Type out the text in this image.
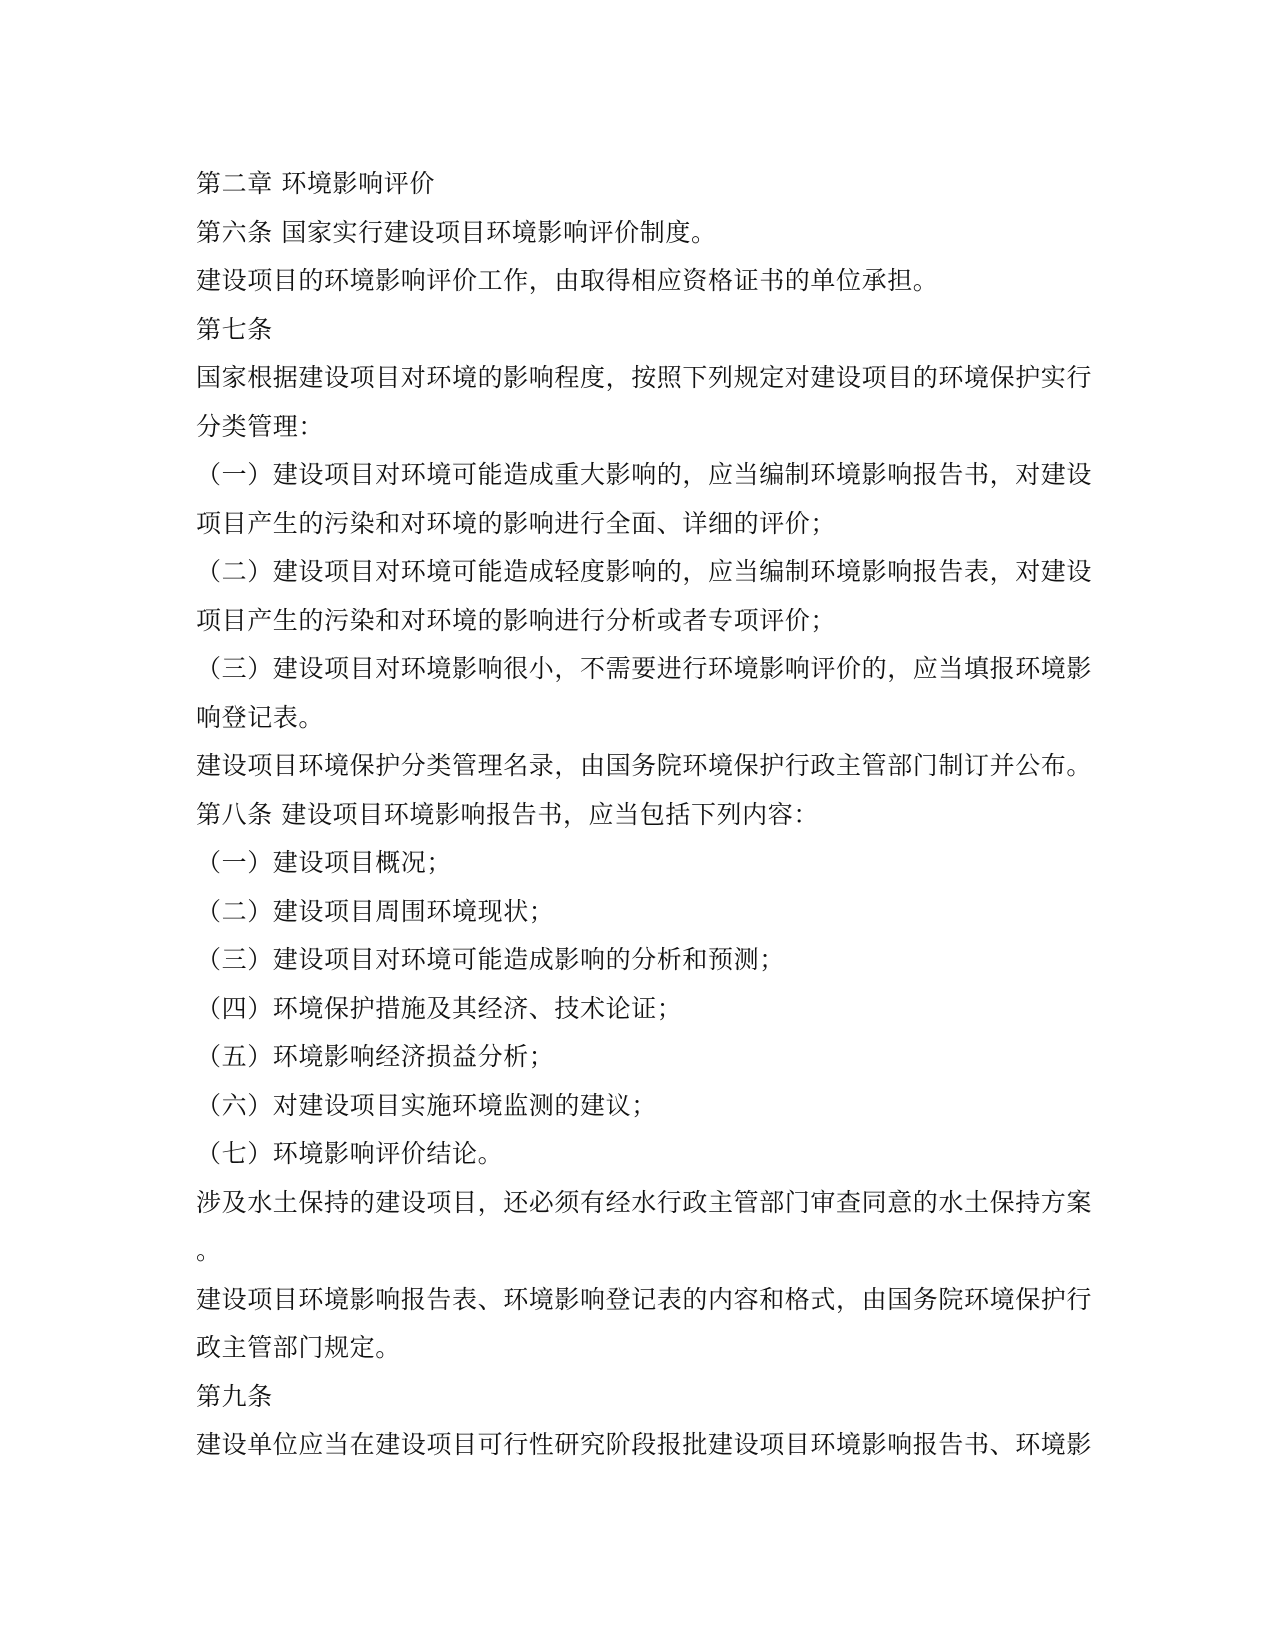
第二章 环境影响评价
第六条 国家实行建设项目环境影响评价制度。
建设项目的环境影响评价工作，由取得相应资格证书的单位承担。
第七条
国家根据建设项目对环境的影响程度，按照下列规定对建设项目的环境保护实行
分类管理：
（一）建设项目对环境可能造成重大影响的，应当编制环境影响报告书，对建设
项目产生的污染和对环境的影响进行全面、详细的评价；
（二）建设项目对环境可能造成轻度影响的，应当编制环境影响报告表，对建设
项目产生的污染和对环境的影响进行分析或者专项评价；
（三）建设项目对环境影响很小，不需要进行环境影响评价的，应当填报环境影
响登记表。
建设项目环境保护分类管理名录，由国务院环境保护行政主管部门制订并公布。
第八条 建设项目环境影响报告书，应当包括下列内容：
（一）建设项目概况；
（二）建设项目周围环境现状；
（三）建设项目对环境可能造成影响的分析和预测；
（四）环境保护措施及其经济、技术论证；
（五）环境影响经济损益分析；
（六）对建设项目实施环境监测的建议；
（七）环境影响评价结论。
涉及水土保持的建设项目，还必须有经水行政主管部门审查同意的水土保持方案
。
建设项目环境影响报告表、环境影响登记表的内容和格式，由国务院环境保护行
政主管部门规定。
第九条
建设单位应当在建设项目可行性研究阶段报批建设项目环境影响报告书、环境影
